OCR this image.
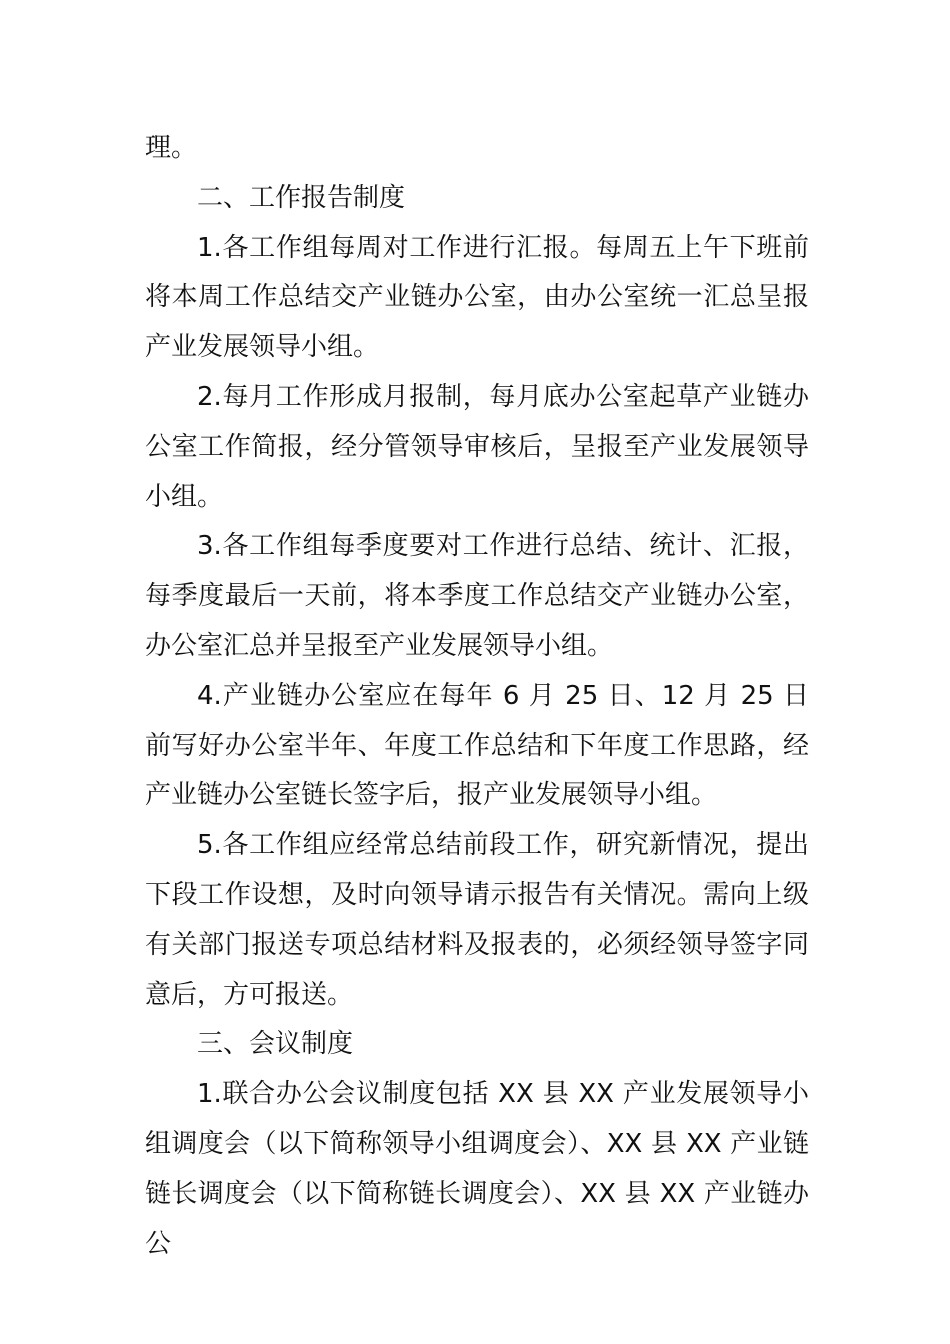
理。

二、工作报告制度

1.各工作组每周对工作进行汇报。每周五上午下班前将本周工作总结交产业链办公室，由办公室统一汇总呈报产业发展领导小组。

2.每月工作形成月报制，每月底办公室起草产业链办公室工作简报，经分管领导审核后，呈报至产业发展领导小组。

3.各工作组每季度要对工作进行总结、统计、汇报，每季度最后一天前，将本季度工作总结交产业链办公室，办公室汇总并呈报至产业发展领导小组。

4.产业链办公室应在每年 6 月 25 日、12 月 25 日前写好办公室半年、年度工作总结和下年度工作思路，经产业链办公室链长签字后，报产业发展领导小组。

5.各工作组应经常总结前段工作，研究新情况，提出下段工作设想，及时向领导请示报告有关情况。需向上级有关部门报送专项总结材料及报表的，必须经领导签字同意后，方可报送。

三、会议制度

1.联合办公会议制度包括 XX 县 XX 产业发展领导小组调度会（以下简称领导小组调度会）、XX 县 XX 产业链链长调度会（以下简称链长调度会）、XX 县 XX 产业链办公
